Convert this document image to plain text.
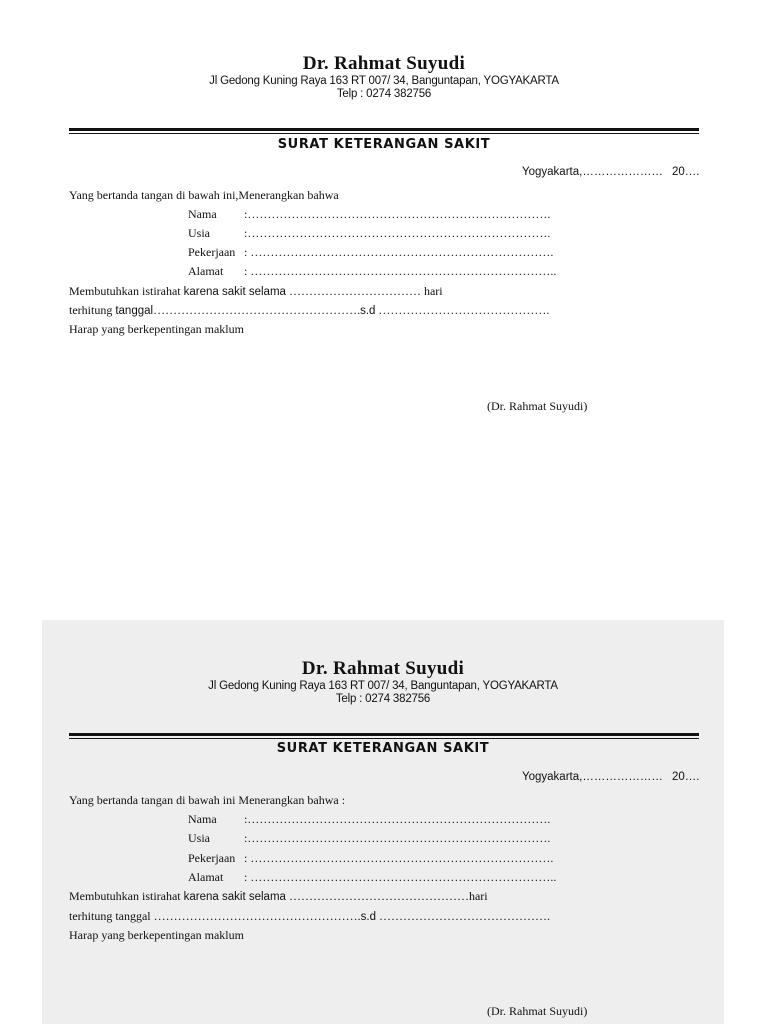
Dr. Rahmat Suyudi
Jl Gedong Kuning Raya 163 RT 007/ 34, Banguntapan, YOGYAKARTA
Telp : 0274 382756
SURAT KETERANGAN SAKIT
Yogyakarta,………………… 20….
Yang bertanda tangan di bawah ini,Menerangkan bahwa
Nama :………………………………………………………………….
Usia	:………………………………………………………………….
Pekerjaan : ………………………………………………………………….
Alamat : …………………………………………………………………..
Membutuhkan istirahat karena sakit selama …………………………… hari
terhitung tanggal…………………………………………….s.d …………………………………….
Harap yang berkepentingan maklum
(Dr. Rahmat Suyudi)
Dr. Rahmat Suyudi
Jl Gedong Kuning Raya 163 RT 007/ 34, Banguntapan, YOGYAKARTA
Telp : 0274 382756
SURAT KETERANGAN SAKIT
Yogyakarta,………………… 20….
Yang bertanda tangan di bawah ini Menerangkan bahwa :
Nama :………………………………………………………………….
Usia	:………………………………………………………………….
Pekerjaan : ………………………………………………………………….
Alamat : …………………………………………………………………..
Membutuhkan istirahat karena sakit selama ………………………………………hari
terhitung tanggal …………………………………………….s.d …………………………………….
Harap yang berkepentingan maklum
(Dr. Rahmat Suyudi)
